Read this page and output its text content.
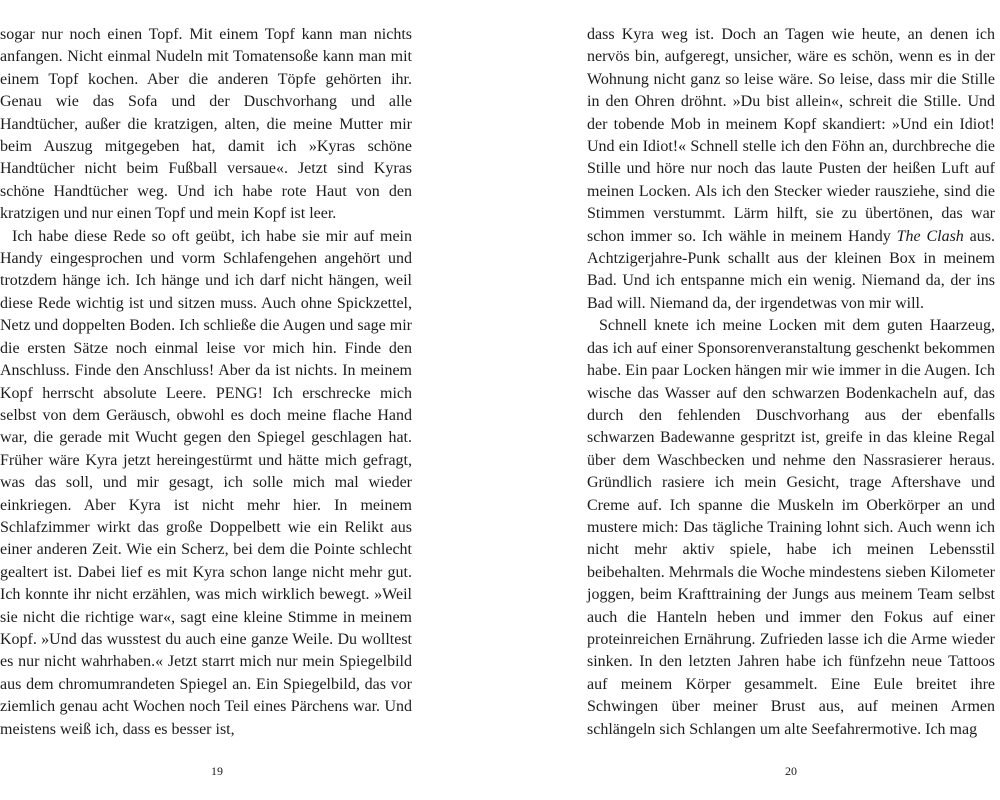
sogar nur noch einen Topf. Mit einem Topf kann man nichts anfangen. Nicht einmal Nudeln mit Tomatensoße kann man mit einem Topf kochen. Aber die anderen Töpfe gehörten ihr. Genau wie das Sofa und der Duschvorhang und alle Handtücher, außer die kratzigen, alten, die meine Mutter mir beim Auszug mitgegeben hat, damit ich »Kyras schöne Handtücher nicht beim Fußball versaue«. Jetzt sind Kyras schöne Handtücher weg. Und ich habe rote Haut von den kratzigen und nur einen Topf und mein Kopf ist leer.

Ich habe diese Rede so oft geübt, ich habe sie mir auf mein Handy eingesprochen und vorm Schlafengehen angehört und trotzdem hänge ich. Ich hänge und ich darf nicht hängen, weil diese Rede wichtig ist und sitzen muss. Auch ohne Spickzettel, Netz und doppelten Boden. Ich schließe die Augen und sage mir die ersten Sätze noch einmal leise vor mich hin. Finde den Anschluss. Finde den Anschluss! Aber da ist nichts. In meinem Kopf herrscht absolute Leere. PENG! Ich erschrecke mich selbst von dem Geräusch, obwohl es doch meine flache Hand war, die gerade mit Wucht gegen den Spiegel geschlagen hat. Früher wäre Kyra jetzt hereingestürmt und hätte mich gefragt, was das soll, und mir gesagt, ich solle mich mal wieder einkriegen. Aber Kyra ist nicht mehr hier. In meinem Schlafzimmer wirkt das große Doppelbett wie ein Relikt aus einer anderen Zeit. Wie ein Scherz, bei dem die Pointe schlecht gealtert ist. Dabei lief es mit Kyra schon lange nicht mehr gut. Ich konnte ihr nicht erzählen, was mich wirklich bewegt. »Weil sie nicht die richtige war«, sagt eine kleine Stimme in meinem Kopf. »Und das wusstest du auch eine ganze Weile. Du wolltest es nur nicht wahrhaben.« Jetzt starrt mich nur mein Spiegelbild aus dem chromumrandeten Spiegel an. Ein Spiegelbild, das vor ziemlich genau acht Wochen noch Teil eines Pärchens war. Und meistens weiß ich, dass es besser ist,

19

dass Kyra weg ist. Doch an Tagen wie heute, an denen ich nervös bin, aufgeregt, unsicher, wäre es schön, wenn es in der Wohnung nicht ganz so leise wäre. So leise, dass mir die Stille in den Ohren dröhnt. »Du bist allein«, schreit die Stille. Und der tobende Mob in meinem Kopf skandiert: »Und ein Idiot! Und ein Idiot!« Schnell stelle ich den Föhn an, durchbreche die Stille und höre nur noch das laute Pusten der heißen Luft auf meinen Locken. Als ich den Stecker wieder rausziehe, sind die Stimmen verstummt. Lärm hilft, sie zu übertönen, das war schon immer so. Ich wähle in meinem Handy The Clash aus. Achtzigerjahre-Punk schallt aus der kleinen Box in meinem Bad. Und ich entspanne mich ein wenig. Niemand da, der ins Bad will. Niemand da, der irgendetwas von mir will.

Schnell knete ich meine Locken mit dem guten Haarzeug, das ich auf einer Sponsorenveranstaltung geschenkt bekommen habe. Ein paar Locken hängen mir wie immer in die Augen. Ich wische das Wasser auf den schwarzen Bodenkacheln auf, das durch den fehlenden Duschvorhang aus der ebenfalls schwarzen Badewanne gespritzt ist, greife in das kleine Regal über dem Waschbecken und nehme den Nassrasierer heraus. Gründlich rasiere ich mein Gesicht, trage Aftershave und Creme auf. Ich spanne die Muskeln im Oberkörper an und mustere mich: Das tägliche Training lohnt sich. Auch wenn ich nicht mehr aktiv spiele, habe ich meinen Lebensstil beibehalten. Mehrmals die Woche mindestens sieben Kilometer joggen, beim Krafttraining der Jungs aus meinem Team selbst auch die Hanteln heben und immer den Fokus auf einer proteinreichen Ernährung. Zufrieden lasse ich die Arme wieder sinken. In den letzten Jahren habe ich fünfzehn neue Tattoos auf meinem Körper gesammelt. Eine Eule breitet ihre Schwingen über meiner Brust aus, auf meinen Armen schlängeln sich Schlangen um alte Seefahrermotive. Ich mag

20
